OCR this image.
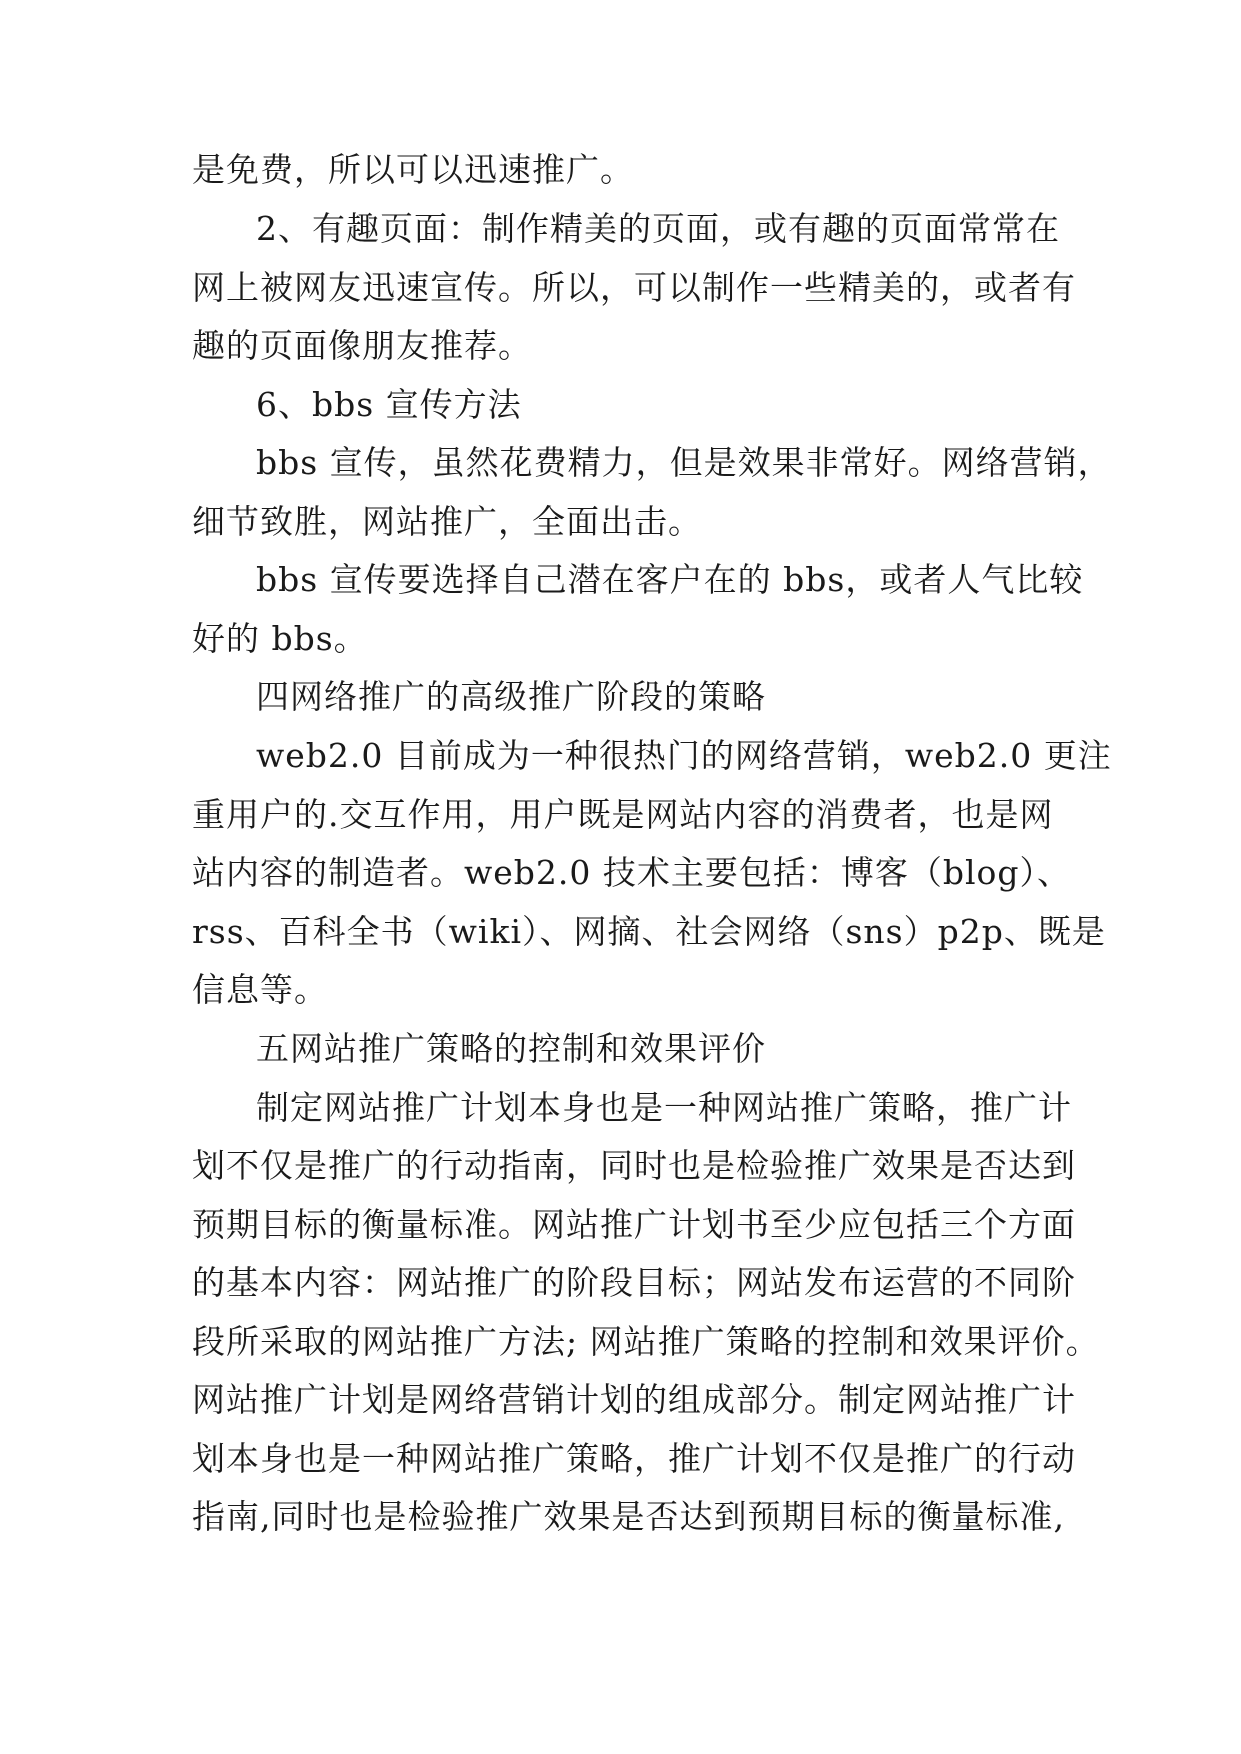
是免费，所以可以迅速推广。
2、有趣页面：制作精美的页面，或有趣的页面常常在
网上被网友迅速宣传。所以，可以制作一些精美的，或者有
趣的页面像朋友推荐。
6、bbs 宣传方法
bbs 宣传，虽然花费精力，但是效果非常好。网络营销，
细节致胜，网站推广，全面出击。
bbs 宣传要选择自己潜在客户在的 bbs，或者人气比较
好的 bbs。
四网络推广的高级推广阶段的策略
web2.0 目前成为一种很热门的网络营销，web2.0 更注
重用户的.交互作用，用户既是网站内容的消费者，也是网
站内容的制造者。web2.0 技术主要包括：博客（blog）、
rss、百科全书（wiki）、网摘、社会网络（sns）p2p、既是
信息等。
五网站推广策略的控制和效果评价
制定网站推广计划本身也是一种网站推广策略，推广计
划不仅是推广的行动指南，同时也是检验推广效果是否达到
预期目标的衡量标准。网站推广计划书至少应包括三个方面
的基本内容：网站推广的阶段目标；网站发布运营的不同阶
段所采取的网站推广方法; 网站推广策略的控制和效果评价。
网站推广计划是网络营销计划的组成部分。制定网站推广计
划本身也是一种网站推广策略，推广计划不仅是推广的行动
指南,同时也是检验推广效果是否达到预期目标的衡量标准,
